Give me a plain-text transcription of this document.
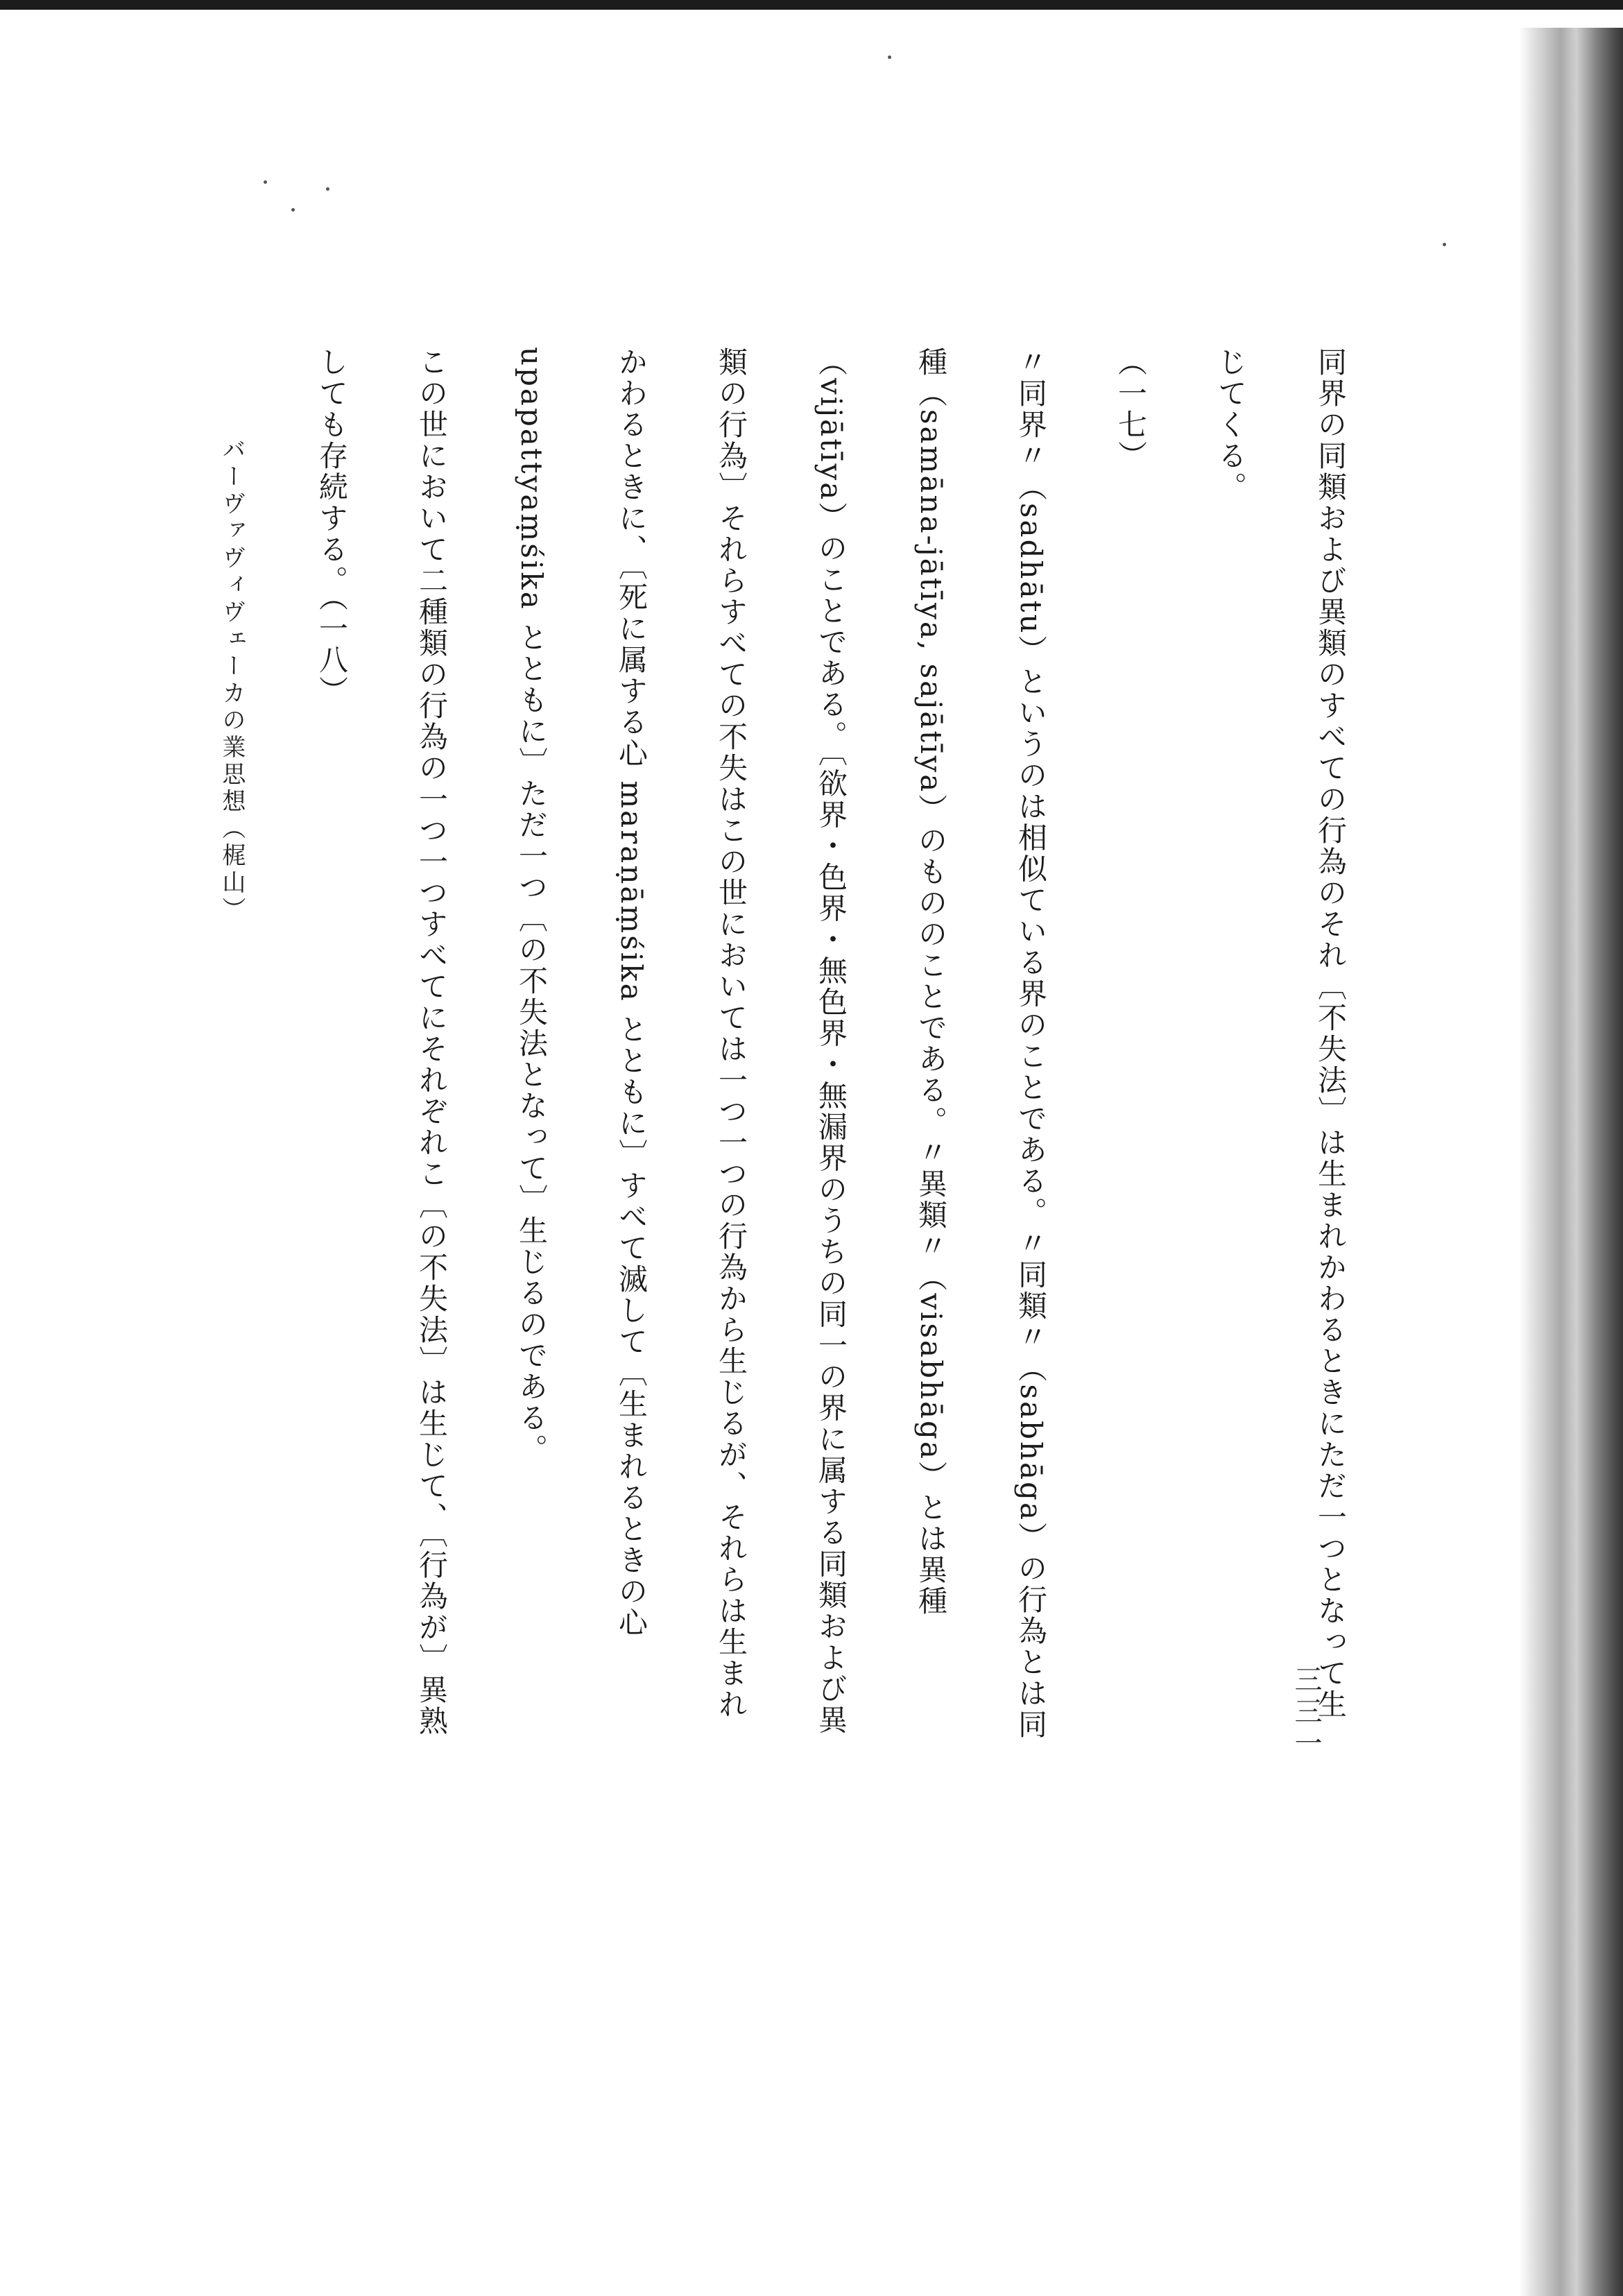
同界の同類および異類のすべての行為のそれ〔不失法〕は生まれかわるときにただ一つとなって生じてくる。

（一七）

〃同界〃（sadhātu）というのは相似ている界のことである。〃同類〃（sabhāga）の行為とは同種（samāna-jātīya, sajātīya）のもののことである。〃異類〃（visabhāga）とは異種（vijātīya）のことである。〔欲界・色界・無色界・無漏界のうちの同一の界に属する同類および異類の行為〕それらすべての不失はこの世においては一つ一つの行為から生じるが、それらは生まれかわるときに、〔死に属する心 maraṇāṃśika とともに〕すべて滅して〔生まれるときの心 upapattyaṃśika とともに〕ただ一つ〔の不失法となって〕生じるのである。

この世において二種類の行為の一つ一つすべてにそれぞれこ〔の不失法〕は生じて、〔行為が〕異熟しても存続する。（一八）

バーヴァヴィヴェーカの業思想（梶山）
三三一
